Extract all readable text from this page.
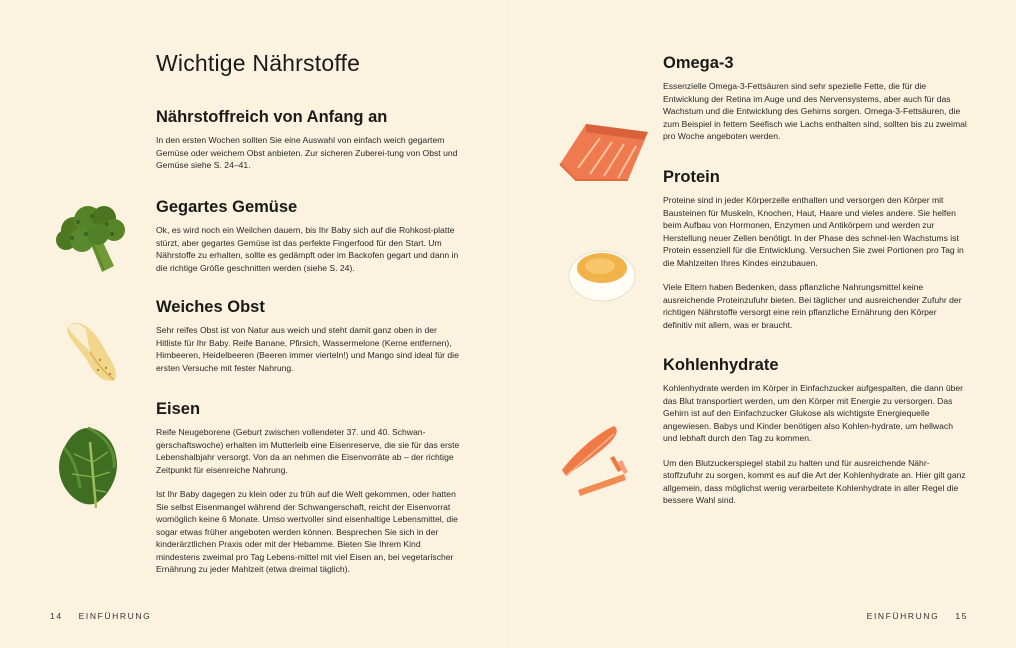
Wichtige Nährstoffe
Nährstoffreich von Anfang an

In den ersten Wochen sollten Sie eine Auswahl von einfach weich gegartem Gemüse oder weichem Obst anbieten. Zur sicheren Zuberei-tung von Obst und Gemüse siehe S. 24–41.

Gegartes Gemüse

Ok, es wird noch ein Weilchen dauern, bis Ihr Baby sich auf die Rohkost-platte stürzt, aber gegartes Gemüse ist das perfekte Fingerfood für den Start. Um Nährstoffe zu erhalten, sollte es gedämpft oder im Backofen gegart und dann in die richtige Größe geschnitten werden (siehe S. 24).

Weiches Obst

Sehr reifes Obst ist von Natur aus weich und steht damit ganz oben in der Hitliste für Ihr Baby. Reife Banane, Pfirsich, Wassermelone (Kerne entfernen), Himbeeren, Heidelbeeren (Beeren immer vierteln!) und Mango sind ideal für die ersten Versuche mit fester Nahrung.

Eisen

Reife Neugeborene (Geburt zwischen vollendeter 37. und 40. Schwan-gerschaftswoche) erhalten im Mutterleib eine Eisenreserve, die sie für das erste Lebenshalbjahr versorgt. Von da an nehmen die Eisenvorräte ab – der richtige Zeitpunkt für eisenreiche Nahrung.

Ist Ihr Baby dagegen zu klein oder zu früh auf die Welt gekommen, oder hatten Sie selbst Eisenmangel während der Schwangerschaft, reicht der Eisenvorrat womöglich keine 6 Monate. Umso wertvoller sind eisenhaltige Lebensmittel, die sogar etwas früher angeboten werden können. Besprechen Sie sich in der kinderärztlichen Praxis oder mit der Hebamme. Bieten Sie Ihrem Kind mindestens zweimal pro Tag Lebens-mittel mit viel Eisen an, bei vegetarischer Ernährung zu jeder Mahlzeit (etwa dreimal täglich).

Omega-3

Essenzielle Omega-3-Fettsäuren sind sehr spezielle Fette, die für die Entwicklung der Retina im Auge und des Nervensystems, aber auch für das Wachstum und die Entwicklung des Gehirns sorgen. Omega-3-Fettsäuren, die zum Beispiel in fettem Seefisch wie Lachs enthalten sind, sollten bis zu zweimal pro Woche angeboten werden.

Protein

Proteine sind in jeder Körperzelle enthalten und versorgen den Körper mit Bausteinen für Muskeln, Knochen, Haut, Haare und vieles andere. Sie helfen beim Aufbau von Hormonen, Enzymen und Antikörpern und werden zur Herstellung neuer Zellen benötigt. In der Phase des schnel-len Wachstums ist Protein essenziell für die Entwicklung. Versuchen Sie zwei Portionen pro Tag in die Mahlzeiten Ihres Kindes einzubauen.

Viele Eltern haben Bedenken, dass pflanzliche Nahrungsmittel keine ausreichende Proteinzufuhr bieten. Bei täglicher und ausreichender Zufuhr der richtigen Nährstoffe versorgt eine rein pflanzliche Ernährung den Körper definitiv mit allem, was er braucht.

Kohlenhydrate

Kohlenhydrate werden im Körper in Einfachzucker aufgespalten, die dann über das Blut transportiert werden, um den Körper mit Energie zu versorgen. Das Gehirn ist auf den Einfachzucker Glukose als wichtigste Energiequelle angewiesen. Babys und Kinder benötigen also Kohlen-hydrate, um hellwach und lebhaft durch den Tag zu kommen.

Um den Blutzuckerspiegel stabil zu halten und für ausreichende Nähr-stoffzufuhr zu sorgen, kommt es auf die Art der Kohlenhydrate an. Hier gilt ganz allgemein, dass möglichst wenig verarbeitete Kohlenhydrate in aller Regel die bessere Wahl sind.

14 EINFÜHRUNG	EINFÜHRUNG 15
